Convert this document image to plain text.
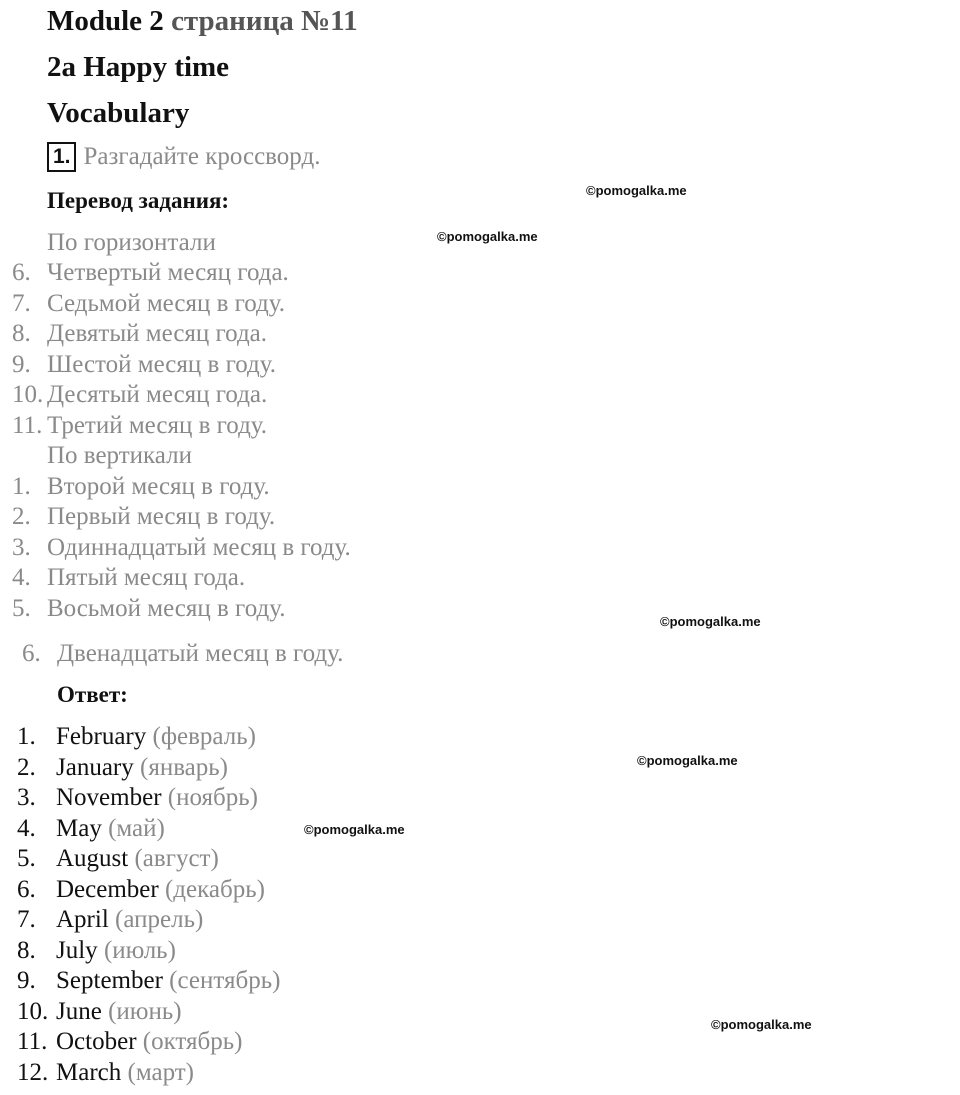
Module 2 страница №11
2a Happy time
Vocabulary
1. Разгадайте кроссворд.
Перевод задания:
По горизонтали
6. Четвертый месяц года.
7. Седьмой месяц в году.
8. Девятый месяц года.
9. Шестой месяц в году.
10. Десятый месяц года.
11. Третий месяц в году.
По вертикали
1. Второй месяц в году.
2. Первый месяц в году.
3. Одиннадцатый месяц в году.
4. Пятый месяц года.
5. Восьмой месяц в году.
6. Двенадцатый месяц в году.
Ответ:
1. February (февраль)
2. January (январь)
3. November (ноябрь)
4. May (май)
5. August (август)
6. December (декабрь)
7. April (апрель)
8. July (июль)
9. September (сентябрь)
10. June (июнь)
11. October (октябрь)
12. March (март)
©pomogalka.me
©pomogalka.me
©pomogalka.me
©pomogalka.me
©pomogalka.me
©pomogalka.me
